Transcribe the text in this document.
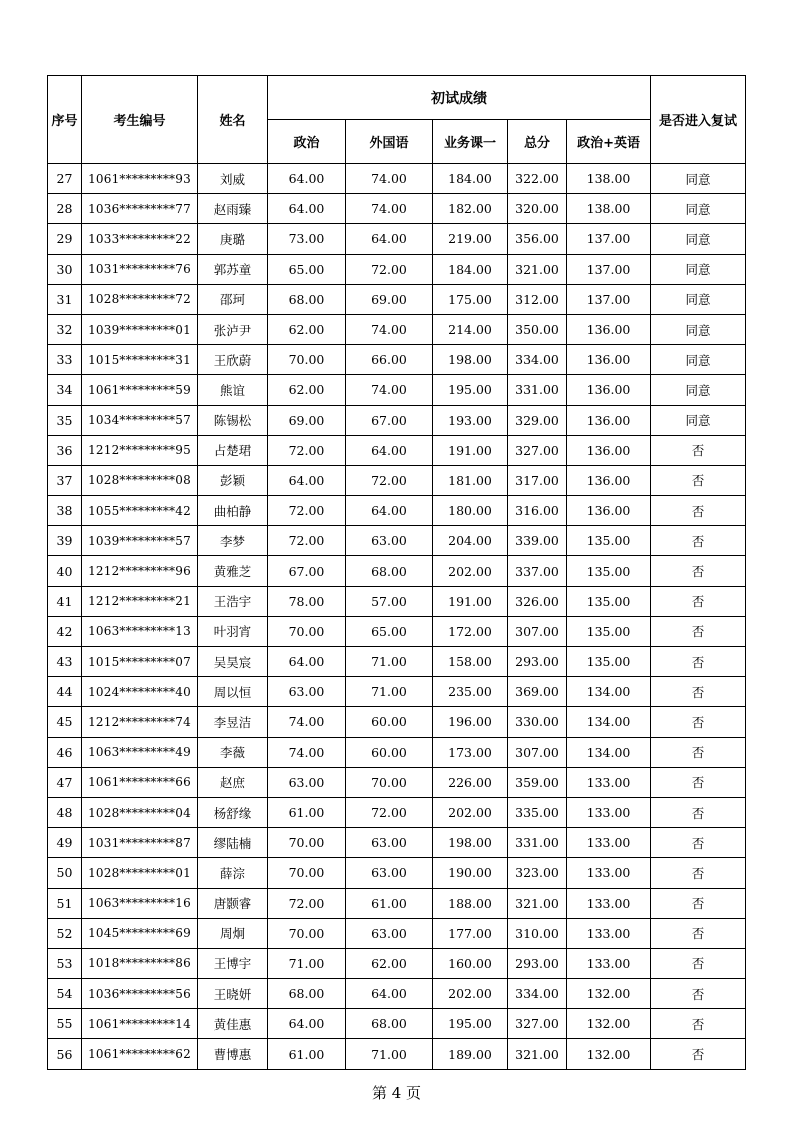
序号	考生编号	姓名	初试成绩					是否进入复试
			政治	外国语	业务课一	总分	政治+英语	
27	1061*********93	刘威	64.00	74.00	184.00	322.00	138.00	同意
28	1036*********77	赵雨臻	64.00	74.00	182.00	320.00	138.00	同意
29	1033*********22	庚璐	73.00	64.00	219.00	356.00	137.00	同意
30	1031*********76	郭苏童	65.00	72.00	184.00	321.00	137.00	同意
31	1028*********72	邵珂	68.00	69.00	175.00	312.00	137.00	同意
32	1039*********01	张泸尹	62.00	74.00	214.00	350.00	136.00	同意
33	1015*********31	王欣蔚	70.00	66.00	198.00	334.00	136.00	同意
34	1061*********59	熊谊	62.00	74.00	195.00	331.00	136.00	同意
35	1034*********57	陈锡松	69.00	67.00	193.00	329.00	136.00	同意
36	1212*********95	占楚珺	72.00	64.00	191.00	327.00	136.00	否
37	1028*********08	彭颖	64.00	72.00	181.00	317.00	136.00	否
38	1055*********42	曲柏静	72.00	64.00	180.00	316.00	136.00	否
39	1039*********57	李梦	72.00	63.00	204.00	339.00	135.00	否
40	1212*********96	黄雅芝	67.00	68.00	202.00	337.00	135.00	否
41	1212*********21	王浩宇	78.00	57.00	191.00	326.00	135.00	否
42	1063*********13	叶羽宵	70.00	65.00	172.00	307.00	135.00	否
43	1015*********07	吴昊宸	64.00	71.00	158.00	293.00	135.00	否
44	1024*********40	周以恒	63.00	71.00	235.00	369.00	134.00	否
45	1212*********74	李昱洁	74.00	60.00	196.00	330.00	134.00	否
46	1063*********49	李薇	74.00	60.00	173.00	307.00	134.00	否
47	1061*********66	赵庶	63.00	70.00	226.00	359.00	133.00	否
48	1028*********04	杨舒缘	61.00	72.00	202.00	335.00	133.00	否
49	1031*********87	缪陆楠	70.00	63.00	198.00	331.00	133.00	否
50	1028*********01	薛淙	70.00	63.00	190.00	323.00	133.00	否
51	1063*********16	唐颢睿	72.00	61.00	188.00	321.00	133.00	否
52	1045*********69	周炯	70.00	63.00	177.00	310.00	133.00	否
53	1018*********86	王博宇	71.00	62.00	160.00	293.00	133.00	否
54	1036*********56	王晓妍	68.00	64.00	202.00	334.00	132.00	否
55	1061*********14	黄佳惠	64.00	68.00	195.00	327.00	132.00	否
56	1061*********62	曹博惠	61.00	71.00	189.00	321.00	132.00	否
第 4 页
